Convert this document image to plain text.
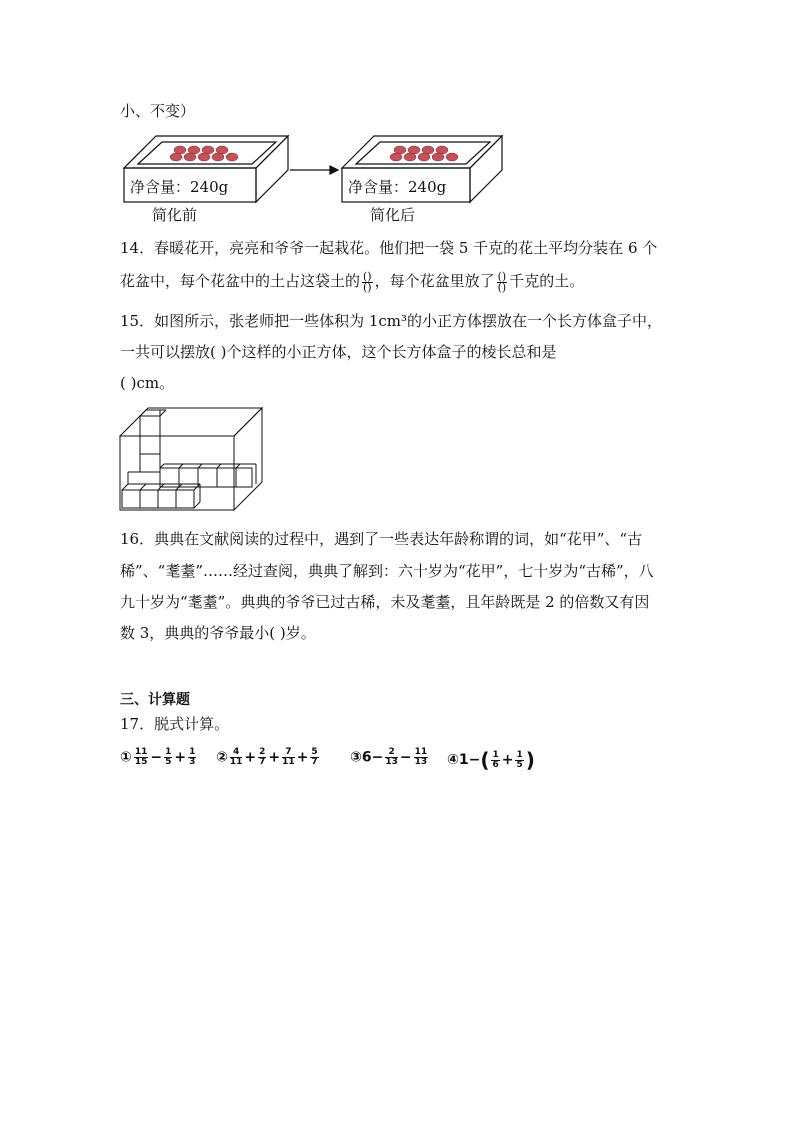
小、不变）
净含量：240g	净含量：240g
简化前	简化后
14．春暖花开，亮亮和爷爷一起栽花。他们把一袋 5 千克的花土平均分装在 6 个
花盆中，每个花盆中的土占这袋土的 $\frac{()}{()}$ ，每个花盆里放了 $\frac{()}{()}$ 千克的土。
15．如图所示，张老师把一些体积为 1cm³的小正方体摆放在一个长方体盒子中，
一共可以摆放( )个这样的小正方体，这个长方体盒子的棱长总和是
( )cm。
16．典典在文献阅读的过程中，遇到了一些表达年龄称谓的词，如“花甲”、“古
稀”、“耄耋”……经过查阅，典典了解到：六十岁为“花甲”，七十岁为“古稀”，八
九十岁为“耄耋”。典典的爷爷已过古稀，未及耄耋，且年龄既是 2 的倍数又有因
数 3，典典的爷爷最小( )岁。
三、计算题
17．脱式计算。
① $\frac{11}{15} - \frac{1}{5} + \frac{1}{3}$ ② $\frac{4}{11} + \frac{2}{7} + \frac{7}{11} + \frac{5}{7}$ ③6− $\frac{2}{13} - \frac{11}{13}$ ④1−( $\frac{1}{6} + \frac{1}{5}$ )
